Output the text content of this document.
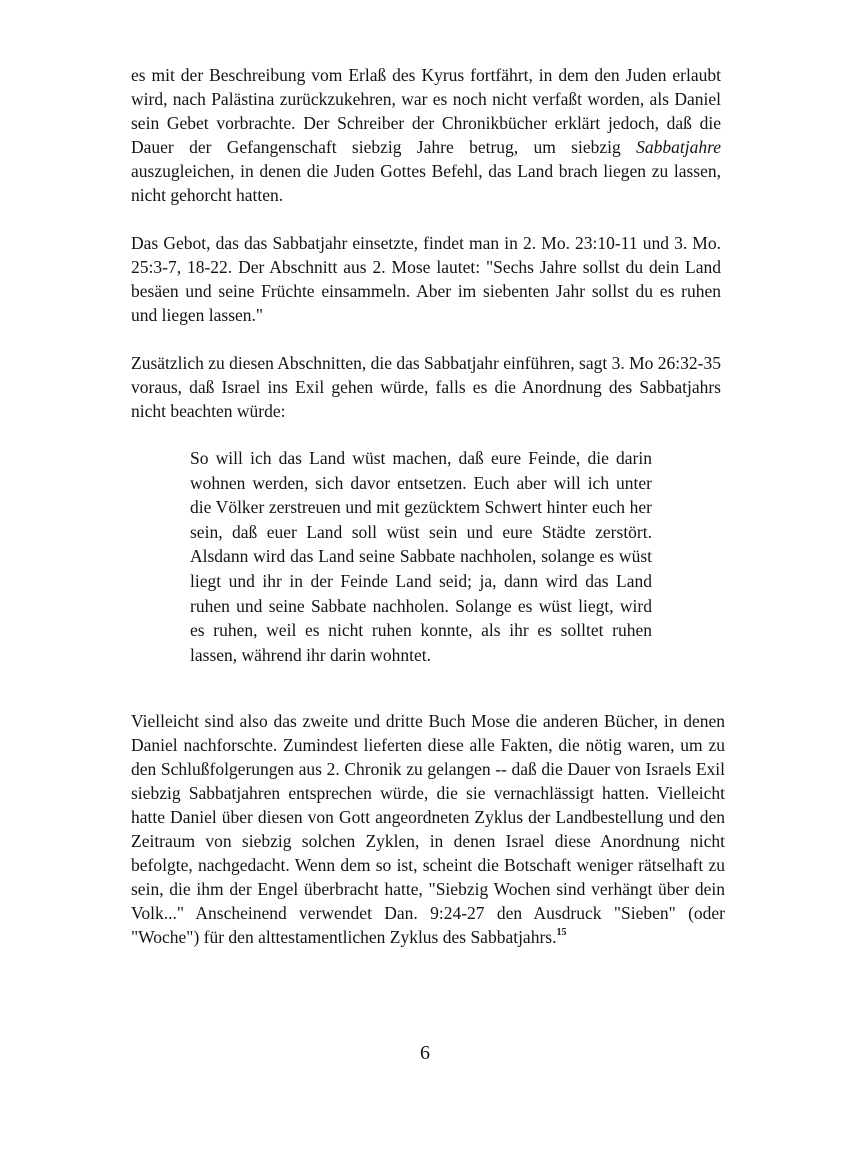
es mit der Beschreibung vom Erlaß des Kyrus fortfährt, in dem den Juden erlaubt wird, nach Palästina zurückzukehren, war es noch nicht verfaßt worden, als Daniel sein Gebet vorbrachte. Der Schreiber der Chronikbücher erklärt jedoch, daß die Dauer der Gefangenschaft siebzig Jahre betrug, um siebzig Sabbatjahre auszugleichen, in denen die Juden Gottes Befehl, das Land brach liegen zu lassen, nicht gehorcht hatten.

Das Gebot, das das Sabbatjahr einsetzte, findet man in 2. Mo. 23:10-11 und 3. Mo. 25:3-7, 18-22. Der Abschnitt aus 2. Mose lautet: "Sechs Jahre sollst du dein Land besäen und seine Früchte einsammeln. Aber im siebenten Jahr sollst du es ruhen und liegen lassen."

Zusätzlich zu diesen Abschnitten, die das Sabbatjahr einführen, sagt 3. Mo 26:32-35 voraus, daß Israel ins Exil gehen würde, falls es die Anordnung des Sabbatjahrs nicht beachten würde:

So will ich das Land wüst machen, daß eure Feinde, die darin wohnen werden, sich davor entsetzen. Euch aber will ich unter die Völker zerstreuen und mit gezücktem Schwert hinter euch her sein, daß euer Land soll wüst sein und eure Städte zerstört. Alsdann wird das Land seine Sabbate nachholen, solange es wüst liegt und ihr in der Feinde Land seid; ja, dann wird das Land ruhen und seine Sabbate nachholen. Solange es wüst liegt, wird es ruhen, weil es nicht ruhen konnte, als ihr es solltet ruhen lassen, während ihr darin wohntet.

Vielleicht sind also das zweite und dritte Buch Mose die anderen Bücher, in denen Daniel nachforschte. Zumindest lieferten diese alle Fakten, die nötig waren, um zu den Schlußfolgerungen aus 2. Chronik zu gelangen -- daß die Dauer von Israels Exil siebzig Sabbatjahren entsprechen würde, die sie vernachlässigt hatten. Vielleicht hatte Daniel über diesen von Gott angeordneten Zyklus der Landbestellung und den Zeitraum von siebzig solchen Zyklen, in denen Israel diese Anordnung nicht befolgte, nachgedacht. Wenn dem so ist, scheint die Botschaft weniger rätselhaft zu sein, die ihm der Engel überbracht hatte, "Siebzig Wochen sind verhängt über dein Volk..." Anscheinend verwendet Dan. 9:24-27 den Ausdruck "Sieben" (oder "Woche") für den alttestamentlichen Zyklus des Sabbatjahrs.$^{15}$

6
